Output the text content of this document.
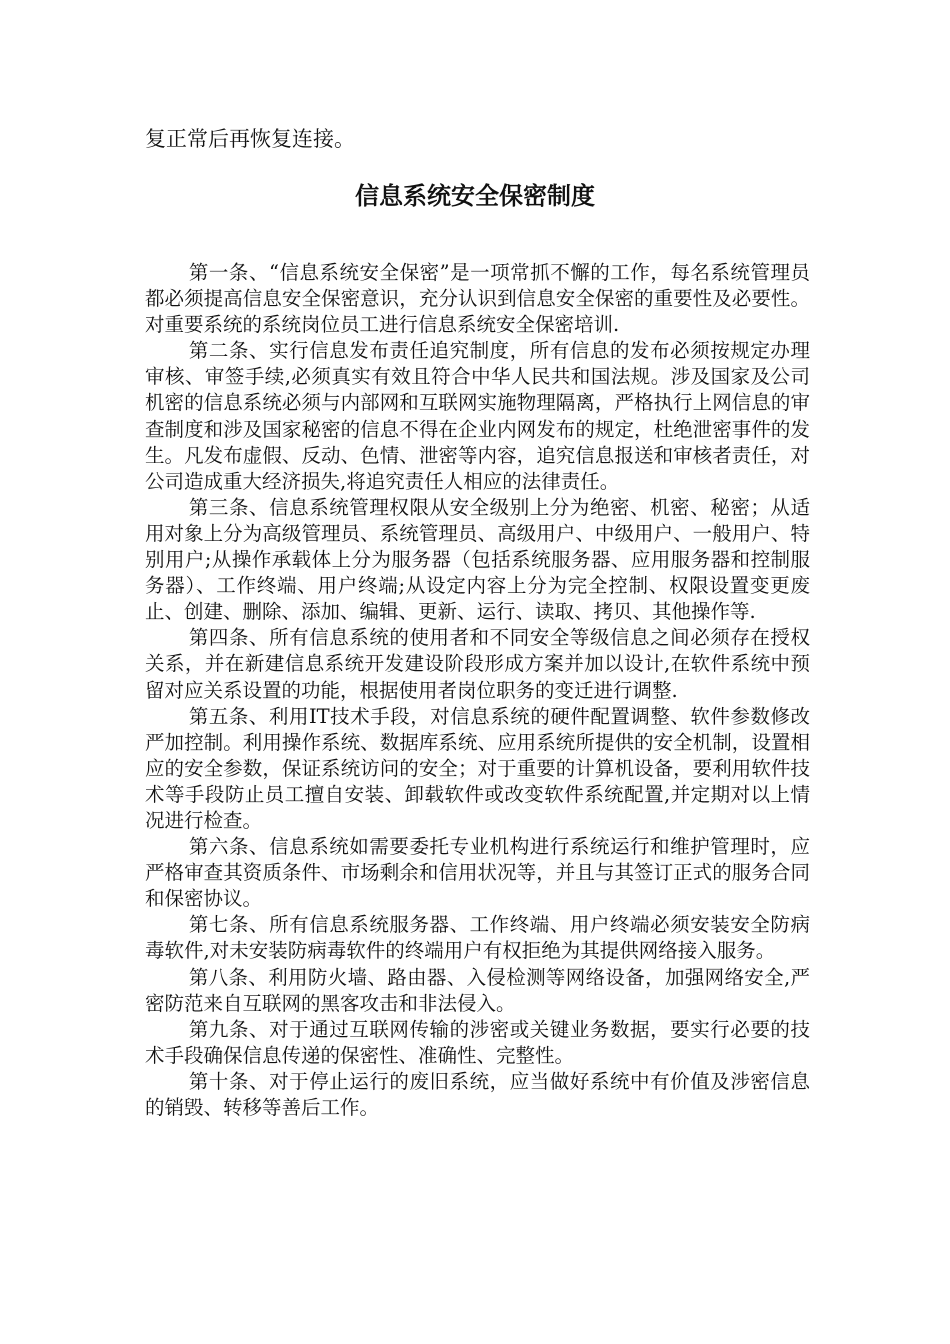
复正常后再恢复连接。

信息系统安全保密制度

第一条、“信息系统安全保密”是一项常抓不懈的工作，每名系统管理员都必须提高信息安全保密意识，充分认识到信息安全保密的重要性及必要性。对重要系统的系统岗位员工进行信息系统安全保密培训.

第二条、实行信息发布责任追究制度，所有信息的发布必须按规定办理审核、审签手续,必须真实有效且符合中华人民共和国法规。涉及国家及公司机密的信息系统必须与内部网和互联网实施物理隔离，严格执行上网信息的审查制度和涉及国家秘密的信息不得在企业内网发布的规定，杜绝泄密事件的发生。凡发布虚假、反动、色情、泄密等内容，追究信息报送和审核者责任，对公司造成重大经济损失,将追究责任人相应的法律责任。

第三条、信息系统管理权限从安全级别上分为绝密、机密、秘密；从适用对象上分为高级管理员、系统管理员、高级用户、中级用户、一般用户、特别用户;从操作承载体上分为服务器（包括系统服务器、应用服务器和控制服务器）、工作终端、用户终端;从设定内容上分为完全控制、权限设置变更废止、创建、删除、添加、编辑、更新、运行、读取、拷贝、其他操作等.

第四条、所有信息系统的使用者和不同安全等级信息之间必须存在授权关系，并在新建信息系统开发建设阶段形成方案并加以设计,在软件系统中预留对应关系设置的功能，根据使用者岗位职务的变迁进行调整.

第五条、利用IT技术手段，对信息系统的硬件配置调整、软件参数修改严加控制。利用操作系统、数据库系统、应用系统所提供的安全机制，设置相应的安全参数，保证系统访问的安全；对于重要的计算机设备，要利用软件技术等手段防止员工擅自安装、卸载软件或改变软件系统配置,并定期对以上情况进行检查。

第六条、信息系统如需要委托专业机构进行系统运行和维护管理时，应严格审查其资质条件、市场剩余和信用状况等，并且与其签订正式的服务合同和保密协议。

第七条、所有信息系统服务器、工作终端、用户终端必须安装安全防病毒软件,对未安装防病毒软件的终端用户有权拒绝为其提供网络接入服务。

第八条、利用防火墙、路由器、入侵检测等网络设备，加强网络安全,严密防范来自互联网的黑客攻击和非法侵入。

第九条、对于通过互联网传输的涉密或关键业务数据，要实行必要的技术手段确保信息传递的保密性、准确性、完整性。

第十条、对于停止运行的废旧系统，应当做好系统中有价值及涉密信息的销毁、转移等善后工作。
